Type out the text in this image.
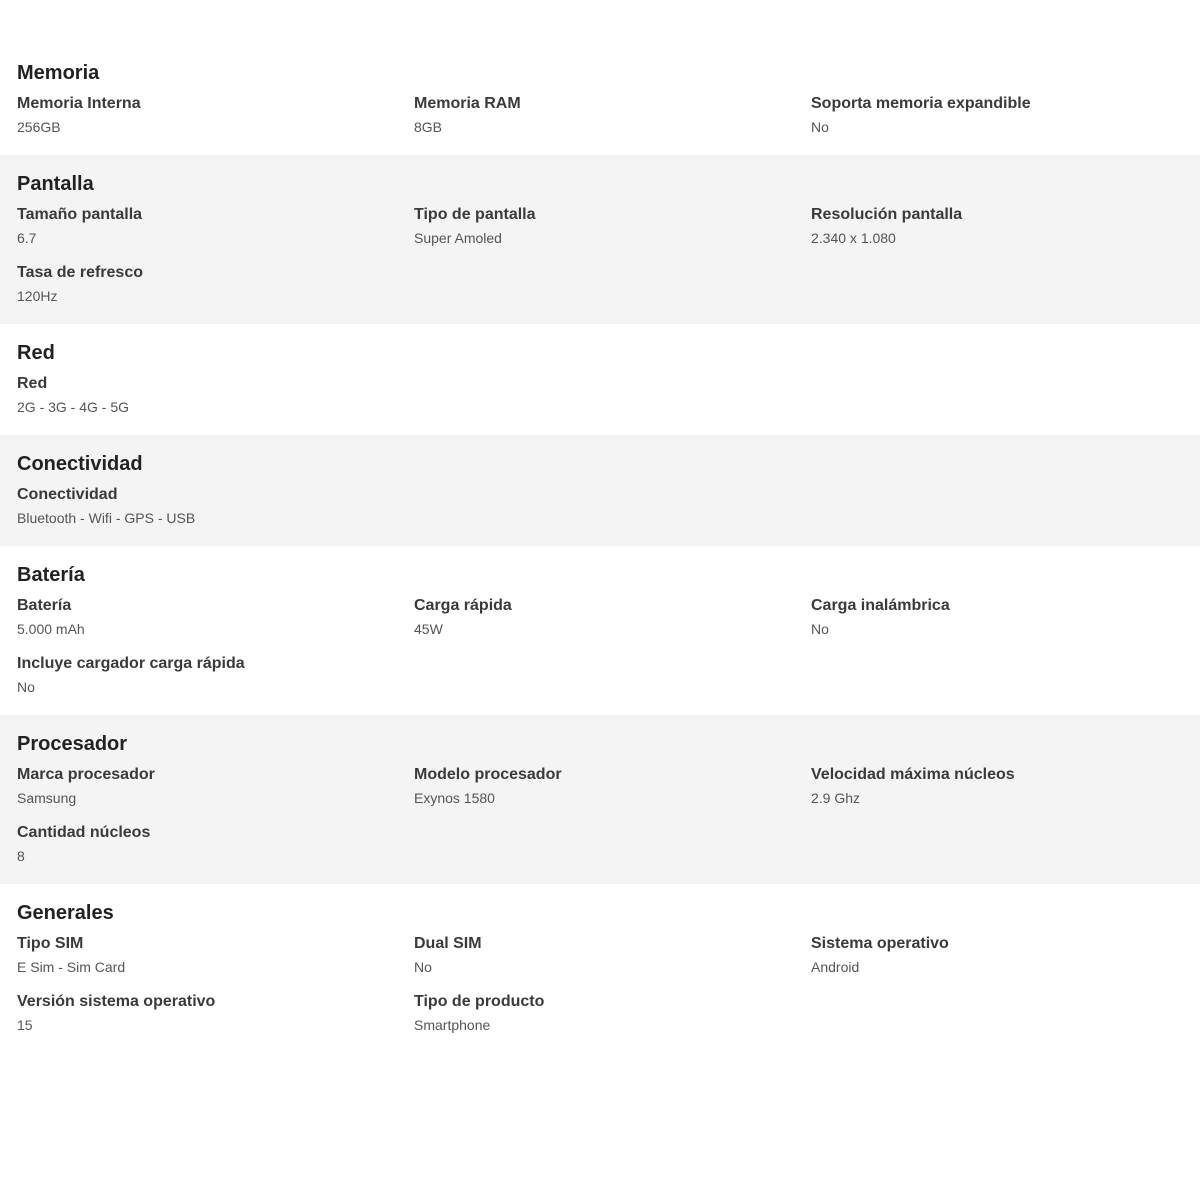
Memoria
Memoria Interna
256GB
Memoria RAM
8GB
Soporta memoria expandible
No
Pantalla
Tamaño pantalla
6.7
Tipo de pantalla
Super Amoled
Resolución pantalla
2.340 x 1.080
Tasa de refresco
120Hz
Red
Red
2G - 3G - 4G - 5G
Conectividad
Conectividad
Bluetooth - Wifi - GPS - USB
Batería
Batería
5.000 mAh
Carga rápida
45W
Carga inalámbrica
No
Incluye cargador carga rápida
No
Procesador
Marca procesador
Samsung
Modelo procesador
Exynos 1580
Velocidad máxima núcleos
2.9 Ghz
Cantidad núcleos
8
Generales
Tipo SIM
E Sim - Sim Card
Dual SIM
No
Sistema operativo
Android
Versión sistema operativo
15
Tipo de producto
Smartphone
